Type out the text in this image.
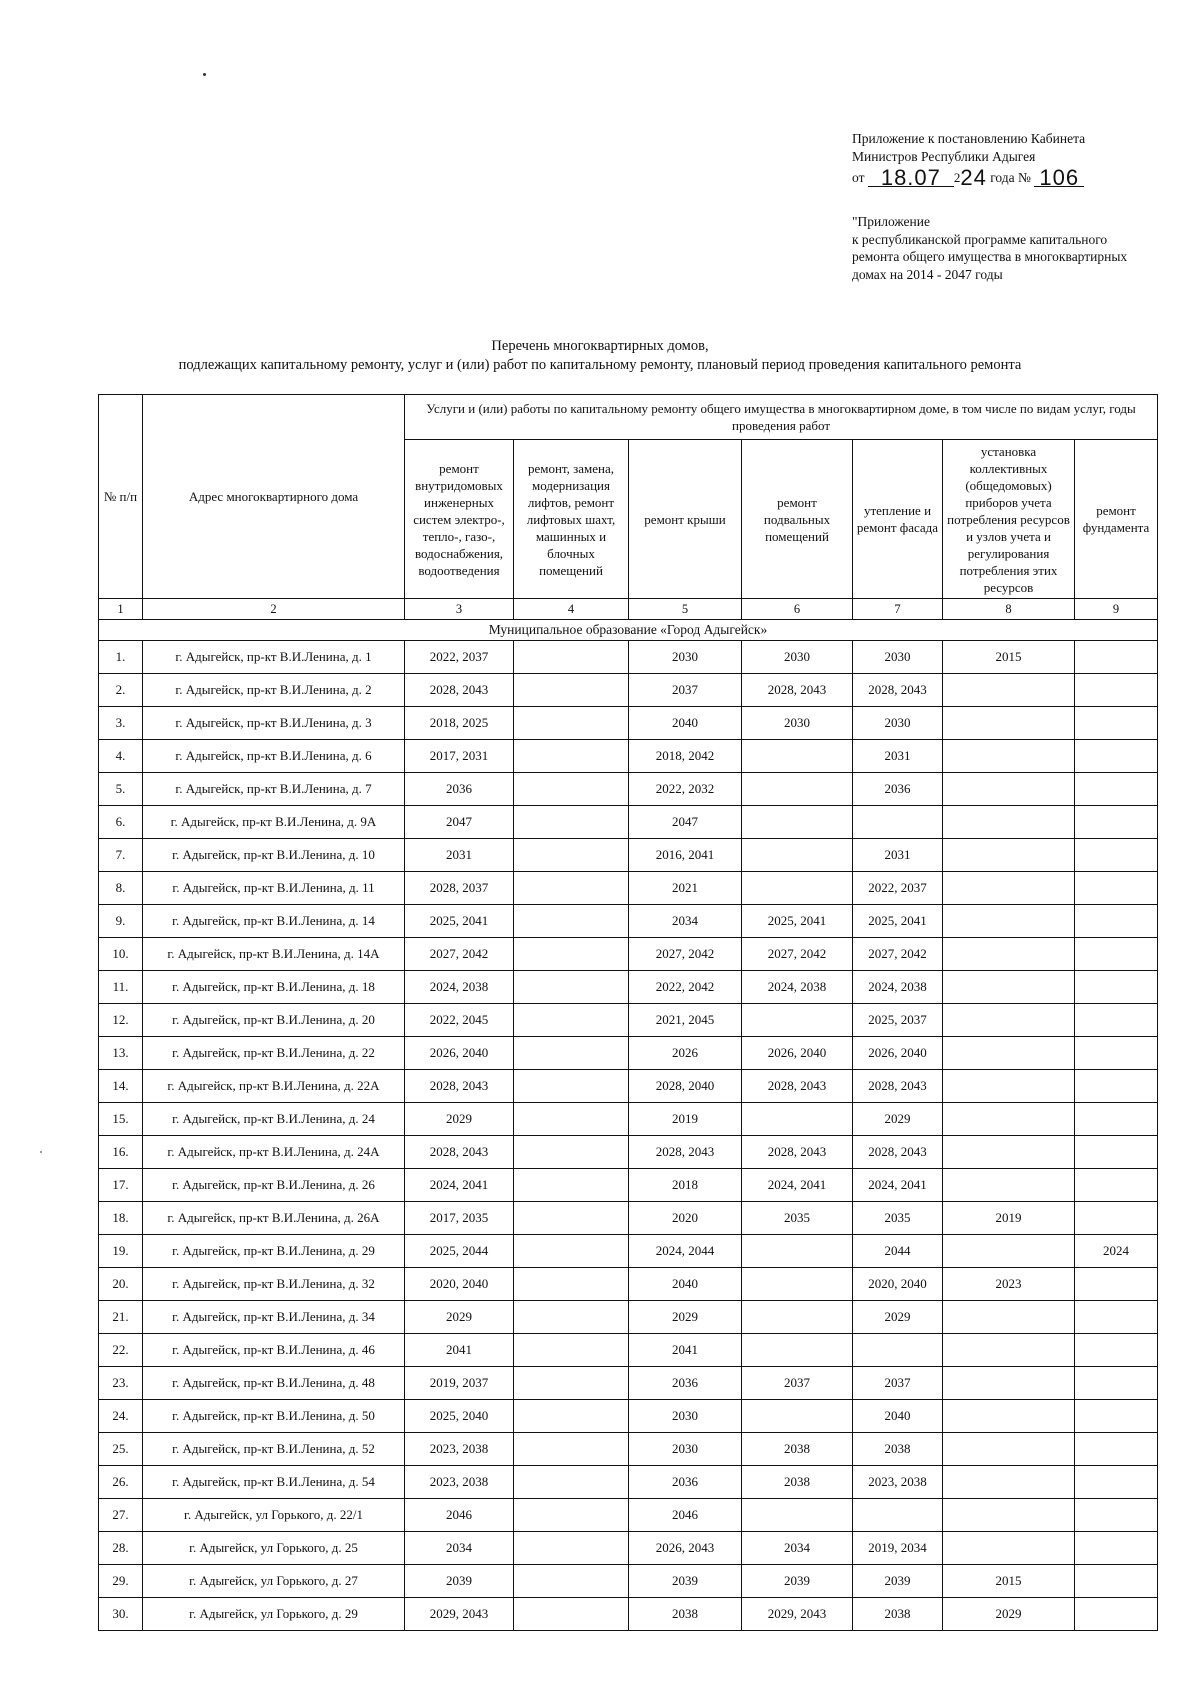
Приложение к постановлению Кабинета
Министров Республики Адыгея
от 18.07 224 года № 106
"Приложение
к республиканской программе капитального
ремонта общего имущества в многоквартирных
домах на 2014 - 2047 годы
Перечень многоквартирных домов,
подлежащих капитальному ремонту, услуг и (или) работ по капитальному ремонту, плановый период проведения капитального ремонта
№ п/п	Адрес многоквартирного дома	Услуги и (или) работы по капитальному ремонту общего имущества в многоквартирном доме, в том числе по видам услуг, годы проведения работ						
		ремонт внутридомовых инженерных систем электро-, тепло-, газо-, водоснабжения, водоотведения	ремонт, замена, модернизация лифтов, ремонт лифтовых шахт, машинных и блочных помещений	ремонт крыши	ремонт подвальных помещений	утепление и ремонт фасада	установка коллективных (общедомовых) приборов учета потребления ресурсов и узлов учета и регулирования потребления этих ресурсов	ремонт фундамента
1	2	3	4	5	6	7	8	9
Муниципальное образование «Город Адыгейск»								
1.	г. Адыгейск, пр-кт В.И.Ленина, д. 1	2022, 2037		2030	2030	2030	2015	
2.	г. Адыгейск, пр-кт В.И.Ленина, д. 2	2028, 2043		2037	2028, 2043	2028, 2043		
3.	г. Адыгейск, пр-кт В.И.Ленина, д. 3	2018, 2025		2040	2030	2030		
4.	г. Адыгейск, пр-кт В.И.Ленина, д. 6	2017, 2031		2018, 2042		2031		
5.	г. Адыгейск, пр-кт В.И.Ленина, д. 7	2036		2022, 2032		2036		
6.	г. Адыгейск, пр-кт В.И.Ленина, д. 9А	2047		2047				
7.	г. Адыгейск, пр-кт В.И.Ленина, д. 10	2031		2016, 2041		2031		
8.	г. Адыгейск, пр-кт В.И.Ленина, д. 11	2028, 2037		2021		2022, 2037		
9.	г. Адыгейск, пр-кт В.И.Ленина, д. 14	2025, 2041		2034	2025, 2041	2025, 2041		
10.	г. Адыгейск, пр-кт В.И.Ленина, д. 14А	2027, 2042		2027, 2042	2027, 2042	2027, 2042		
11.	г. Адыгейск, пр-кт В.И.Ленина, д. 18	2024, 2038		2022, 2042	2024, 2038	2024, 2038		
12.	г. Адыгейск, пр-кт В.И.Ленина, д. 20	2022, 2045		2021, 2045		2025, 2037		
13.	г. Адыгейск, пр-кт В.И.Ленина, д. 22	2026, 2040		2026	2026, 2040	2026, 2040		
14.	г. Адыгейск, пр-кт В.И.Ленина, д. 22А	2028, 2043		2028, 2040	2028, 2043	2028, 2043		
15.	г. Адыгейск, пр-кт В.И.Ленина, д. 24	2029		2019		2029		
16.	г. Адыгейск, пр-кт В.И.Ленина, д. 24А	2028, 2043		2028, 2043	2028, 2043	2028, 2043		
17.	г. Адыгейск, пр-кт В.И.Ленина, д. 26	2024, 2041		2018	2024, 2041	2024, 2041		
18.	г. Адыгейск, пр-кт В.И.Ленина, д. 26А	2017, 2035		2020	2035	2035	2019	
19.	г. Адыгейск, пр-кт В.И.Ленина, д. 29	2025, 2044		2024, 2044		2044		2024
20.	г. Адыгейск, пр-кт В.И.Ленина, д. 32	2020, 2040		2040		2020, 2040	2023	
21.	г. Адыгейск, пр-кт В.И.Ленина, д. 34	2029		2029		2029		
22.	г. Адыгейск, пр-кт В.И.Ленина, д. 46	2041		2041				
23.	г. Адыгейск, пр-кт В.И.Ленина, д. 48	2019, 2037		2036	2037	2037		
24.	г. Адыгейск, пр-кт В.И.Ленина, д. 50	2025, 2040		2030		2040		
25.	г. Адыгейск, пр-кт В.И.Ленина, д. 52	2023, 2038		2030	2038	2038		
26.	г. Адыгейск, пр-кт В.И.Ленина, д. 54	2023, 2038		2036	2038	2023, 2038		
27.	г. Адыгейск, ул Горького, д. 22/1	2046		2046				
28.	г. Адыгейск, ул Горького, д. 25	2034		2026, 2043	2034	2019, 2034		
29.	г. Адыгейск, ул Горького, д. 27	2039		2039	2039	2039	2015	
30.	г. Адыгейск, ул Горького, д. 29	2029, 2043		2038	2029, 2043	2038	2029	
